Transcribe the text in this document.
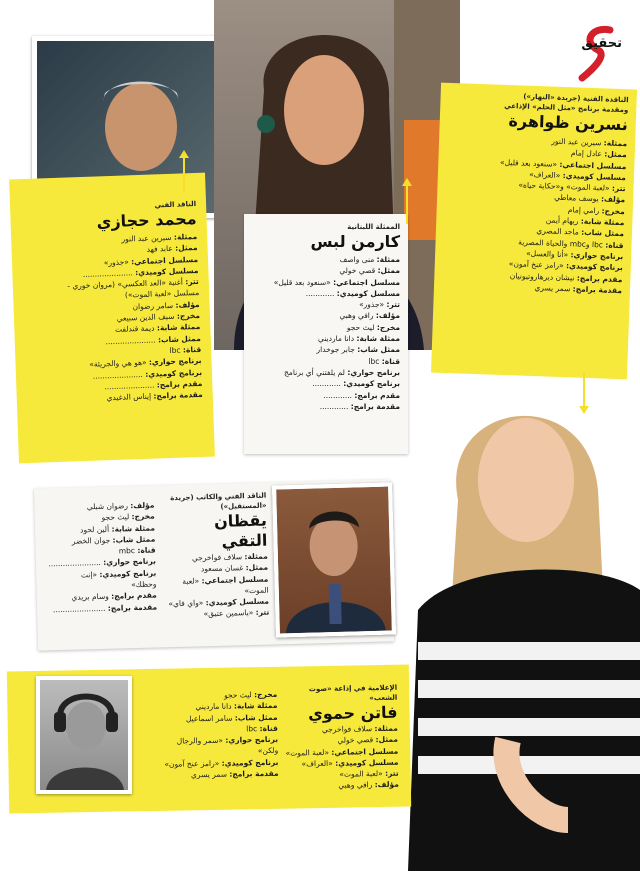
تحقيق
الناقدة الفنية (جريدة «النهار»)
ومقدمة برنامج «مثل الحلم» الإذاعي
نسرين ظواهرة
ممثلة: سيرين عبد النور
ممثل: عادل إمام
مسلسل اجتماعي: «سنعود بعد قليل»
مسلسل كوميدي: «العراف»
تتر: «لعبة الموت» و«حكاية حياة»
مؤلف: يوسف معاطي
مخرج: رامي إمام
ممثلة شابة: ريهام أيمن
ممثل شاب: ماجد المصري
قناة: lbc وmbc والحياة المصرية
برنامج حواري: «أنا والعسل»
برنامج كوميدي: «رامز عنخ آمون»
مقدم برامج: نيشان ديرهاروتيونيان
مقدمة برامج: سمر يسري
الممثلة اللبنانية
كارمن لبس
ممثلة: منى واصف
ممثل: قصي خولي
مسلسل اجتماعي: «سنعود بعد قليل»
مسلسل كوميدي: ............
تتر: «جذور»
مؤلف: رافي وهبي
مخرج: ليث حجو
ممثلة شابة: دانا مارديني
ممثل شاب: جابر جوخدار
قناة: lbc
برنامج حواري: لم يلفتني أي برنامج
برنامج كوميدي: ............
مقدم برامج: ............
مقدمة برامج: ............
الناقد الفني
محمد حجازي
ممثلة: سيرين عبد النور
ممثل: عابد فهد
مسلسل اجتماعي: «جذور»
مسلسل كوميدي: .....................
تتر: أغنية «العد العكسي» (مروان خوري -
مسلسل «لعبة الموت»)
مؤلف: سامر رضوان
مخرج: سيف الدين سبيعي
ممثلة شابة: ديمة قندلفت
ممثل شاب: .....................
قناة: lbc
برنامج حواري: «هو هي والجريئة»
برنامج كوميدي: .....................
مقدم برامج: .....................
مقدمة برامج: إيناس الدغيدي
الناقد الفني والكاتب (جريدة
«المستقبل»)
يقظان التقي
ممثلة: سلاف فواخرجي
ممثل: غسان مسعود
مسلسل اجتماعي: «لعبة
الموت»
مسلسل كوميدي: «واي فاي»
تتر: «ياسمين عتيق»
مؤلف: رضوان شبلي
مخرج: ليث حجو
ممثلة شابة: ألين لحود
ممثل شاب: جوان الخضر
قناة: mbc
برنامج حواري: ......................
برنامج كوميدي: «إنت
وحظك»
مقدم برامج: وسام بريدي
مقدمة برامج: ......................
الإعلامية في إذاعة «صوت الشعب»
فاتن حموي
ممثلة: سلاف فواخرجي
ممثل: قصي خولي
مسلسل اجتماعي: «لعبة الموت»
مسلسل كوميدي: «العراف»
تتر: «لعبة الموت»
مؤلف: رافي وهبي
مخرج: ليث حجو
ممثلة شابة: دانا مارديني
ممثل شاب: سامر اسماعيل
قناة: lbc
برنامج حواري: «سمر والرجال
ولكن»
برنامج كوميدي: «رامز عنخ آمون»
مقدمة برامج: سمر يسري
